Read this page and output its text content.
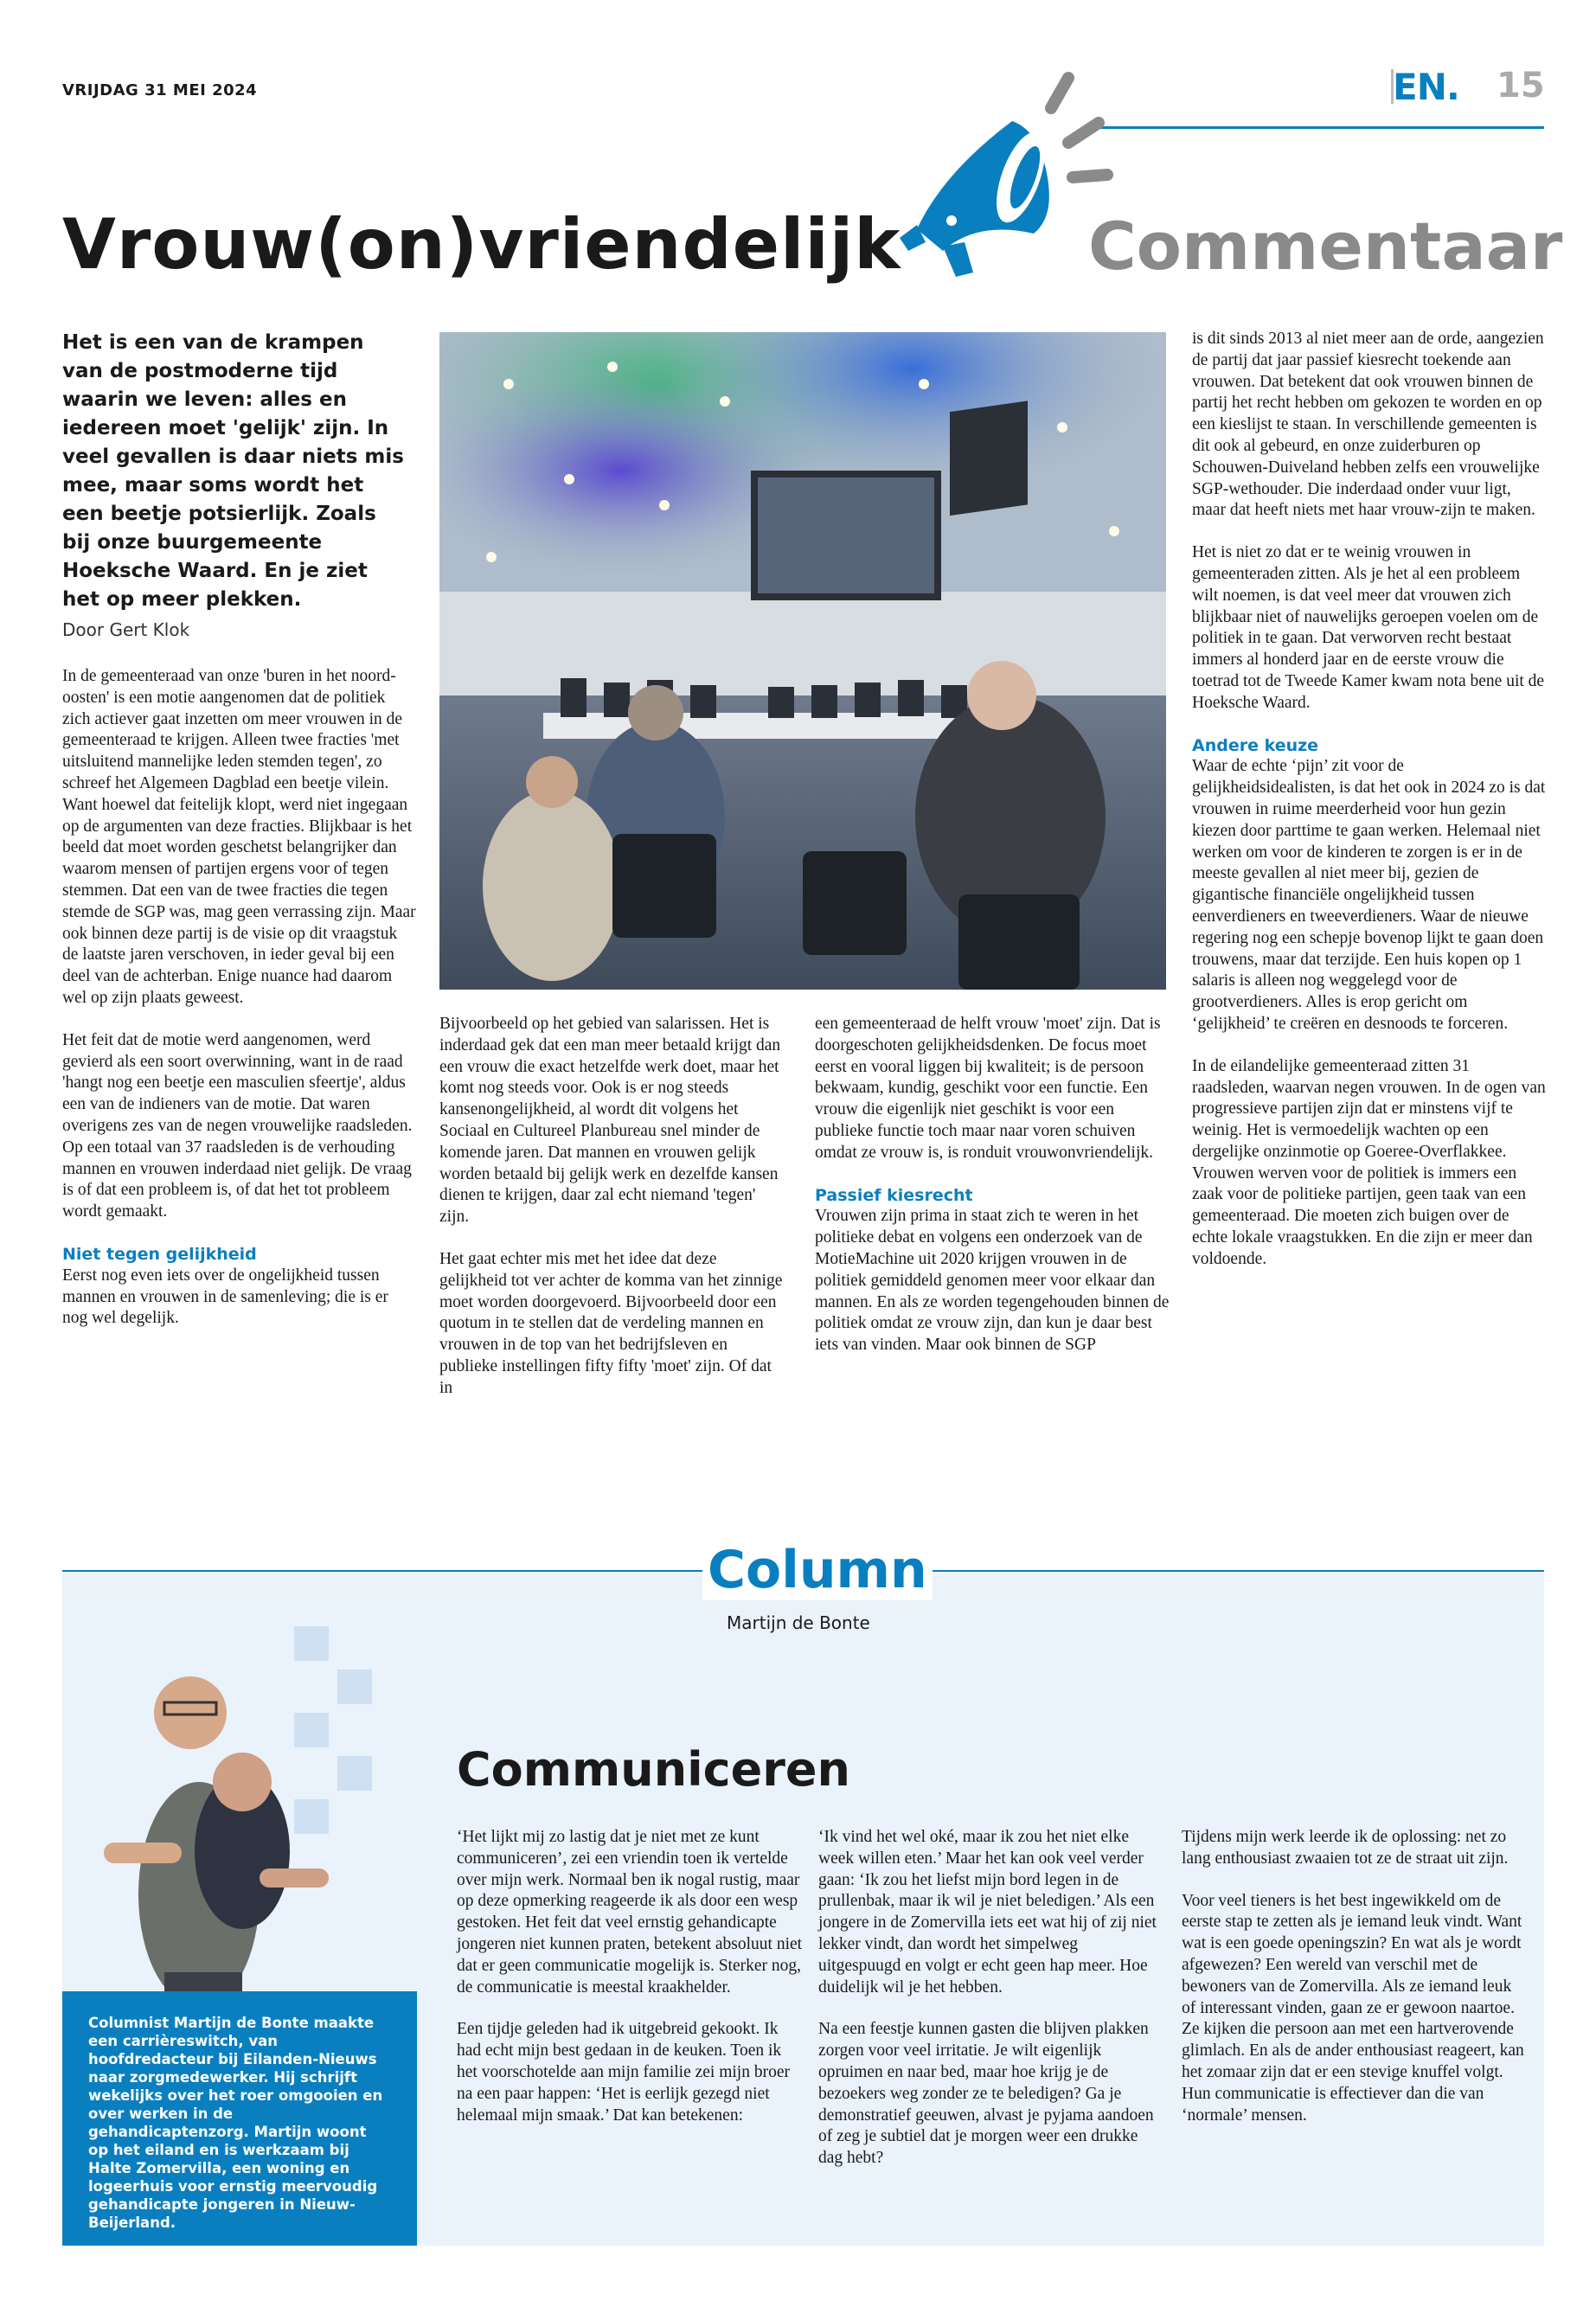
VRIJDAG 31 MEI 2024	EN. 15
Vrouw(on)vriendelijk	Commentaar
Het is een van de krampen van de postmoderne tijd waarin we leven: alles en iedereen moet 'gelijk' zijn. In veel gevallen is daar niets mis mee, maar soms wordt het een beetje potsierlijk. Zoals bij onze buurgemeente Hoeksche Waard. En je ziet het op meer plekken.
Door Gert Klok

In de gemeenteraad van onze 'buren in het noord-oosten' is een motie aangenomen dat de politiek zich actiever gaat inzetten om meer vrouwen in de gemeenteraad te krijgen. Alleen twee fracties 'met uitsluitend mannelijke leden stemden tegen', zo schreef het Algemeen Dagblad een beetje vilein. Want hoewel dat feitelijk klopt, werd niet ingegaan op de argumenten van deze fracties. Blijkbaar is het beeld dat moet worden geschetst belangrijker dan waarom mensen of partijen ergens voor of tegen stemmen. Dat een van de twee fracties die tegen stemde de SGP was, mag geen verrassing zijn. Maar ook binnen deze partij is de visie op dit vraagstuk de laatste jaren verschoven, in ieder geval bij een deel van de achterban. Enige nuance had daarom wel op zijn plaats geweest.

Het feit dat de motie werd aangenomen, werd gevierd als een soort overwinning, want in de raad 'hangt nog een beetje een masculien sfeertje', aldus een van de indieners van de motie. Dat waren overigens zes van de negen vrouwelijke raadsleden. Op een totaal van 37 raadsleden is de verhouding mannen en vrouwen inderdaad niet gelijk. De vraag is of dat een probleem is, of dat het tot probleem wordt gemaakt.

Niet tegen gelijkheid

Eerst nog even iets over de ongelijkheid tussen mannen en vrouwen in de samenleving; die is er nog wel degelijk.

Bijvoorbeeld op het gebied van salarissen. Het is inderdaad gek dat een man meer betaald krijgt dan een vrouw die exact hetzelfde werk doet, maar het komt nog steeds voor. Ook is er nog steeds kansenongelijkheid, al wordt dit volgens het Sociaal en Cultureel Planbureau snel minder de komende jaren. Dat mannen en vrouwen gelijk worden betaald bij gelijk werk en dezelfde kansen dienen te krijgen, daar zal echt niemand 'tegen' zijn.

Het gaat echter mis met het idee dat deze gelijkheid tot ver achter de komma van het zinnige moet worden doorgevoerd. Bijvoorbeeld door een quotum in te stellen dat de verdeling mannen en vrouwen in de top van het bedrijfsleven en publieke instellingen fifty fifty 'moet' zijn. Of dat in

een gemeenteraad de helft vrouw 'moet' zijn. Dat is doorgeschoten gelijkheidsdenken. De focus moet eerst en vooral liggen bij kwaliteit; is de persoon bekwaam, kundig, geschikt voor een functie. Een vrouw die eigenlijk niet geschikt is voor een publieke functie toch maar naar voren schuiven omdat ze vrouw is, is ronduit vrouwonvriendelijk.

Passief kiesrecht

Vrouwen zijn prima in staat zich te weren in het politieke debat en volgens een onderzoek van de MotieMachine uit 2020 krijgen vrouwen in de politiek gemiddeld genomen meer voor elkaar dan mannen. En als ze worden tegengehouden binnen de politiek omdat ze vrouw zijn, dan kun je daar best iets van vinden. Maar ook binnen de SGP

is dit sinds 2013 al niet meer aan de orde, aangezien de partij dat jaar passief kiesrecht toekende aan vrouwen. Dat betekent dat ook vrouwen binnen de partij het recht hebben om gekozen te worden en op een kieslijst te staan. In verschillende gemeenten is dit ook al gebeurd, en onze zuiderburen op Schouwen-Duiveland hebben zelfs een vrouwelijke SGP-wethouder. Die inderdaad onder vuur ligt, maar dat heeft niets met haar vrouw-zijn te maken.

Het is niet zo dat er te weinig vrouwen in gemeenteraden zitten. Als je het al een probleem wilt noemen, is dat veel meer dat vrouwen zich blijkbaar niet of nauwelijks geroepen voelen om de politiek in te gaan. Dat verworven recht bestaat immers al honderd jaar en de eerste vrouw die toetrad tot de Tweede Kamer kwam nota bene uit de Hoeksche Waard.

Andere keuze

Waar de echte ‘pijn’ zit voor de gelijkheidsidealisten, is dat het ook in 2024 zo is dat vrouwen in ruime meerderheid voor hun gezin kiezen door parttime te gaan werken. Helemaal niet werken om voor de kinderen te zorgen is er in de meeste gevallen al niet meer bij, gezien de gigantische financiële ongelijkheid tussen eenverdieners en tweeverdieners. Waar de nieuwe regering nog een schepje bovenop lijkt te gaan doen trouwens, maar dat terzijde. Een huis kopen op 1 salaris is alleen nog weggelegd voor de grootverdieners. Alles is erop gericht om ‘gelijkheid’ te creëren en desnoods te forceren.

In de eilandelijke gemeenteraad zitten 31 raadsleden, waarvan negen vrouwen. In de ogen van progressieve partijen zijn dat er minstens vijf te weinig. Het is vermoedelijk wachten op een dergelijke onzinmotie op Goeree-Overflakkee. Vrouwen werven voor de politiek is immers een zaak voor de politieke partijen, geen taak van een gemeenteraad. Die moeten zich buigen over de echte lokale vraagstukken. En die zijn er meer dan voldoende.

Column
Martijn de Bonte
Columnist Martijn de Bonte maakte een carrièreswitch, van hoofdredacteur bij Eilanden-Nieuws naar zorgmedewerker. Hij schrijft wekelijks over het roer omgooien en over werken in de gehandicaptenzorg. Martijn woont op het eiland en is werkzaam bij Halte Zomervilla, een woning en logeerhuis voor ernstig meervoudig gehandicapte jongeren in Nieuw-Beijerland.
Communiceren

‘Het lijkt mij zo lastig dat je niet met ze kunt communiceren’, zei een vriendin toen ik vertelde over mijn werk. Normaal ben ik nogal rustig, maar op deze opmerking reageerde ik als door een wesp gestoken. Het feit dat veel ernstig gehandicapte jongeren niet kunnen praten, betekent absoluut niet dat er geen communicatie mogelijk is. Sterker nog, de communicatie is meestal kraakhelder.

Een tijdje geleden had ik uitgebreid gekookt. Ik had echt mijn best gedaan in de keuken. Toen ik het voorschotelde aan mijn familie zei mijn broer na een paar happen: ‘Het is eerlijk gezegd niet helemaal mijn smaak.’ Dat kan betekenen:

‘Ik vind het wel oké, maar ik zou het niet elke week willen eten.’ Maar het kan ook veel verder gaan: ‘Ik zou het liefst mijn bord legen in de prullenbak, maar ik wil je niet beledigen.’ Als een jongere in de Zomervilla iets eet wat hij of zij niet lekker vindt, dan wordt het simpelweg uitgespuugd en volgt er echt geen hap meer. Hoe duidelijk wil je het hebben.

Na een feestje kunnen gasten die blijven plakken zorgen voor veel irritatie. Je wilt eigenlijk opruimen en naar bed, maar hoe krijg je de bezoekers weg zonder ze te beledigen? Ga je demonstratief geeuwen, alvast je pyjama aandoen of zeg je subtiel dat je morgen weer een drukke dag hebt?

Tijdens mijn werk leerde ik de oplossing: net zo lang enthousiast zwaaien tot ze de straat uit zijn.

Voor veel tieners is het best ingewikkeld om de eerste stap te zetten als je iemand leuk vindt. Want wat is een goede openingszin? En wat als je wordt afgewezen? Een wereld van verschil met de bewoners van de Zomervilla. Als ze iemand leuk of interessant vinden, gaan ze er gewoon naartoe. Ze kijken die persoon aan met een hartverovende glimlach. En als de ander enthousiast reageert, kan het zomaar zijn dat er een stevige knuffel volgt. Hun communicatie is effectiever dan die van ‘normale’ mensen.
